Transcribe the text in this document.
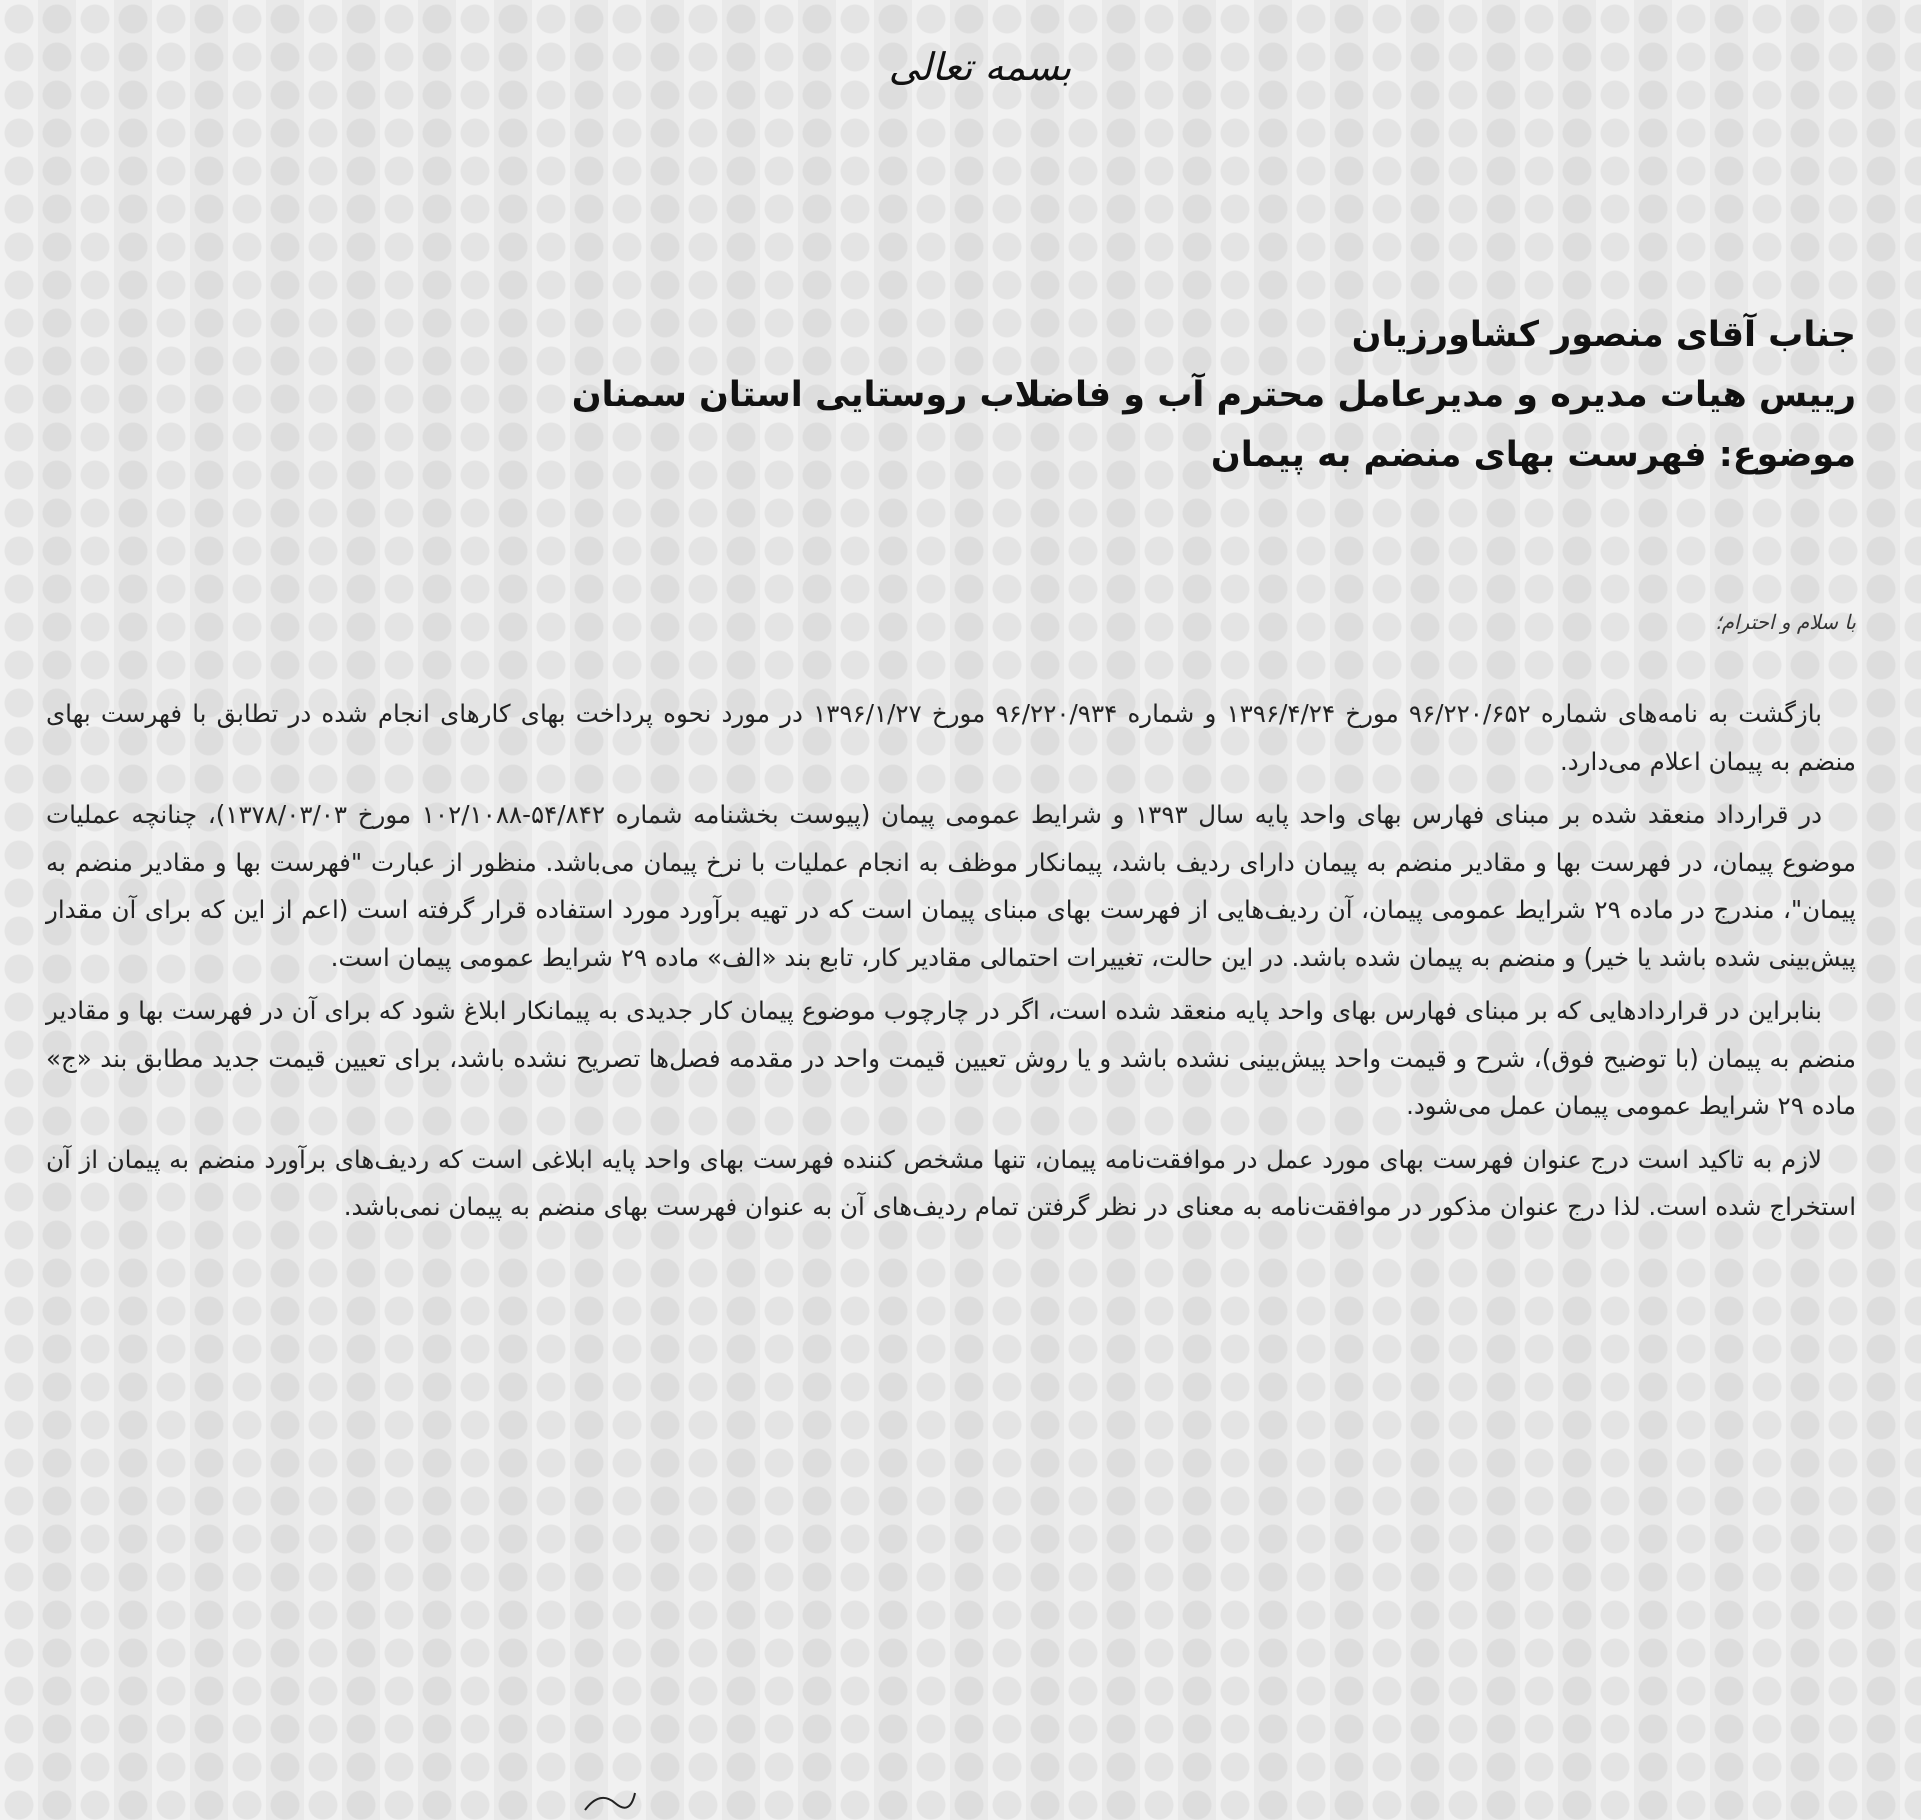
بسمه تعالی
جناب آقای منصور کشاورزیان
رییس هیات مدیره و مدیرعامل محترم آب و فاضلاب روستایی استان سمنان
موضوع: فهرست بهای منضم به پیمان
با سلام و احترام؛

بازگشت به نامه‌های شماره ۹۶/۲۲۰/۶۵۲ مورخ ۱۳۹۶/۴/۲۴ و شماره ۹۶/۲۲۰/۹۳۴ مورخ ۱۳۹۶/۱/۲۷ در مورد نحوه پرداخت بهای کارهای انجام شده در تطابق با فهرست بهای منضم به پیمان اعلام می‌دارد.

در قرارداد منعقد شده بر مبنای فهارس بهای واحد پایه سال ۱۳۹۳ و شرایط عمومی پیمان (پیوست بخشنامه شماره ۵۴/۸۴۲-۱۰۲/۱۰۸۸ مورخ ۱۳۷۸/۰۳/۰۳)، چنانچه عملیات موضوع پیمان، در فهرست بها و مقادیر منضم به پیمان دارای ردیف باشد، پیمانکار موظف به انجام عملیات با نرخ پیمان می‌باشد. منظور از عبارت "فهرست بها و مقادیر منضم به پیمان"، مندرج در ماده ۲۹ شرایط عمومی پیمان، آن ردیف‌هایی از فهرست بهای مبنای پیمان است که در تهیه برآورد مورد استفاده قرار گرفته است (اعم از این که برای آن مقدار پیش‌بینی شده باشد یا خیر) و منضم به پیمان شده باشد. در این حالت، تغییرات احتمالی مقادیر کار، تابع بند «الف» ماده ۲۹ شرایط عمومی پیمان است.

بنابراین در قراردادهایی که بر مبنای فهارس بهای واحد پایه منعقد شده است، اگر در چارچوب موضوع پیمان کار جدیدی به پیمانکار ابلاغ شود که برای آن در فهرست بها و مقادیر منضم به پیمان (با توضیح فوق)، شرح و قیمت واحد پیش‌بینی نشده باشد و یا روش تعیین قیمت واحد در مقدمه فصل‌ها تصریح نشده باشد، برای تعیین قیمت جدید مطابق بند «ج» ماده ۲۹ شرایط عمومی پیمان عمل می‌شود.

لازم به تاکید است درج عنوان فهرست بهای مورد عمل در موافقت‌نامه پیمان، تنها مشخص کننده فهرست بهای واحد پایه ابلاغی است که ردیف‌های برآورد منضم به پیمان از آن استخراج شده است. لذا درج عنوان مذکور در موافقت‌نامه به معنای در نظر گرفتن تمام ردیف‌های آن به عنوان فهرست بهای منضم به پیمان نمی‌باشد.
